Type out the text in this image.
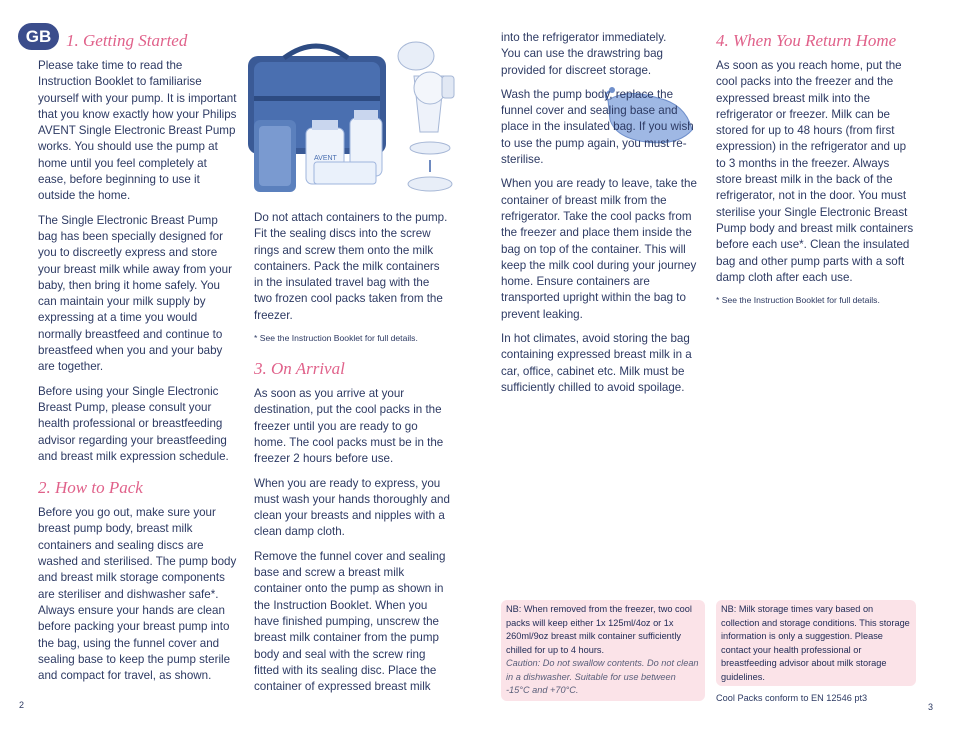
GB 1. Getting Started

Please take time to read the Instruction Booklet to familiarise yourself with your pump. It is important that you know exactly how your Philips AVENT Single Electronic Breast Pump works. You should use the pump at home until you feel completely at ease, before beginning to use it outside the home.

The Single Electronic Breast Pump bag has been specially designed for you to discreetly express and store your breast milk while away from your baby, then bring it home safely. You can maintain your milk supply by expressing at a time you would normally breastfeed and continue to breastfeed when you and your baby are together.

Before using your Single Electronic Breast Pump, please consult your health professional or breastfeeding advisor regarding your breastfeeding and breast milk expression schedule.

2. How to Pack

Before you go out, make sure your breast pump body, breast milk containers and sealing discs are washed and sterilised. The pump body and breast milk storage components are steriliser and dishwasher safe*. Always ensure your hands are clean before packing your breast pump into the bag, using the funnel cover and sealing base to keep the pump sterile and compact for travel, as shown.

AVENT

Do not attach containers to the pump. Fit the sealing discs into the screw rings and screw them onto the milk containers. Pack the milk containers in the insulated travel bag with the two frozen cool packs taken from the freezer.

* See the Instruction Booklet for full details.
3. On Arrival

As soon as you arrive at your destination, put the cool packs in the freezer until you are ready to go home. The cool packs must be in the freezer 2 hours before use.

When you are ready to express, you must wash your hands thoroughly and clean your breasts and nipples with a clean damp cloth.

Remove the funnel cover and sealing base and screw a breast milk container onto the pump as shown in the Instruction Booklet. When you have finished pumping, unscrew the breast milk container from the pump body and seal with the screw ring fitted with its sealing disc. Place the container of expressed breast milk

into the refrigerator immediately. You can use the drawstring bag provided for discreet storage.

Wash the pump body, replace the funnel cover and sealing base and place in the insulated bag. If you wish to use the pump again, you must re-sterilise.

When you are ready to leave, take the container of breast milk from the refrigerator. Take the cool packs from the freezer and place them inside the bag on top of the container. This will keep the milk cool during your journey home. Ensure containers are transported upright within the bag to prevent leaking.

In hot climates, avoid storing the bag containing expressed breast milk in a car, office, cabinet etc. Milk must be sufficiently chilled to avoid spoilage.

4. When You Return Home

As soon as you reach home, put the cool packs into the freezer and the expressed breast milk into the refrigerator or freezer. Milk can be stored for up to 48 hours (from first expression) in the refrigerator and up to 3 months in the freezer. Always store breast milk in the back of the refrigerator, not in the door. You must sterilise your Single Electronic Breast Pump body and breast milk containers before each use*. Clean the insulated bag and other pump parts with a soft damp cloth after each use.

* See the Instruction Booklet for full details.
NB: When removed from the freezer, two cool packs will keep either 1x 125ml/4oz or 1x 260ml/9oz breast milk container sufficiently chilled for up to 4 hours.
Caution: Do not swallow contents. Do not clean in a dishwasher. Suitable for use between -15°C and +70°C.
NB: Milk storage times vary based on collection and storage conditions. This storage information is only a suggestion. Please contact your health professional or breastfeeding advisor about milk storage guidelines.
Cool Packs conform to EN 12546 pt3
2	3
